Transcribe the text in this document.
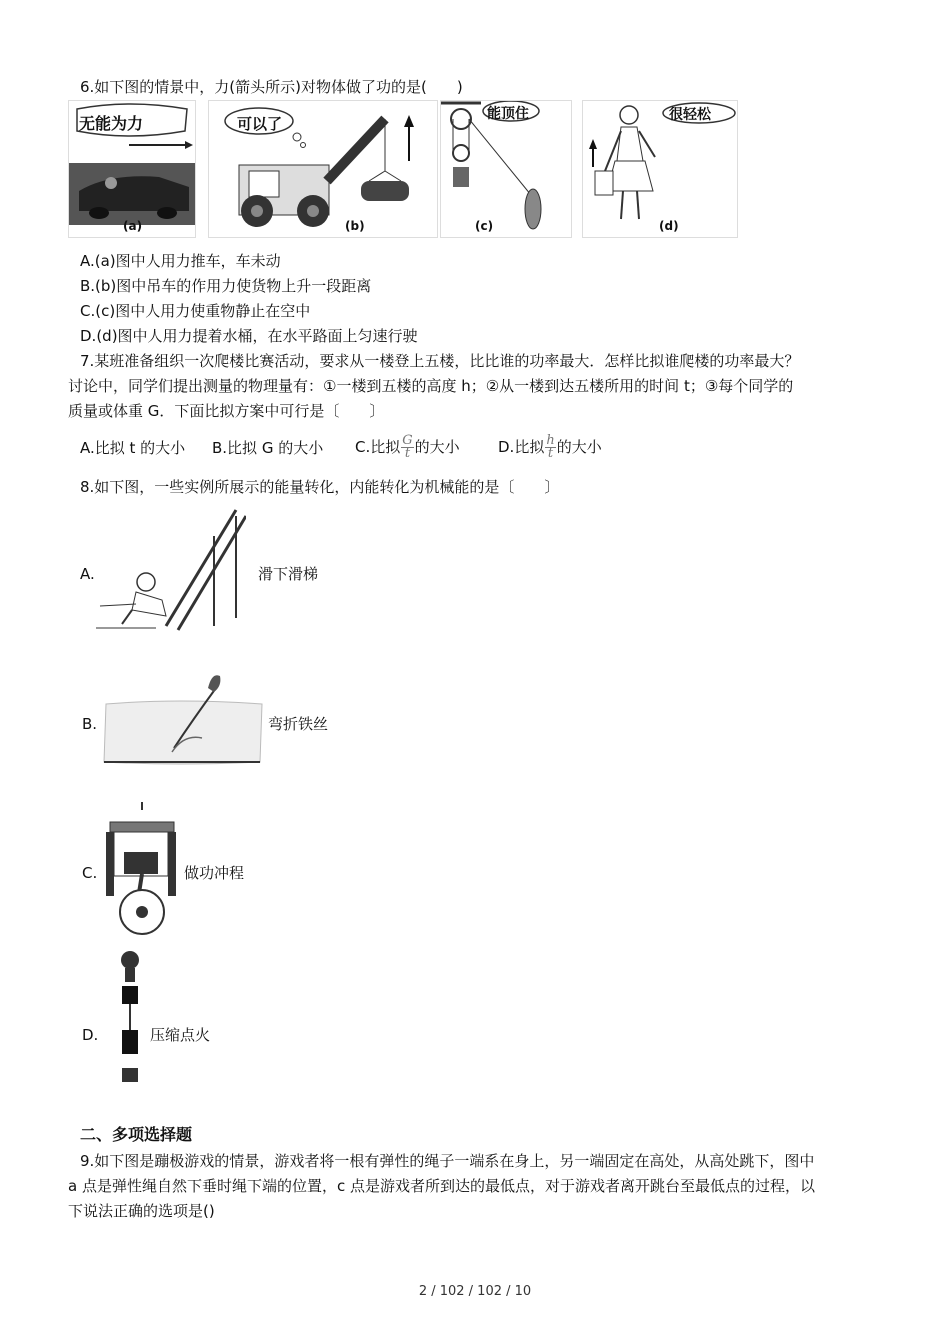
6.如下图的情景中，力(箭头所示)对物体做了功的是(　　)
无能为力
(a)
可以了
(b)
能顶住
(c)
很轻松
(d)
A.(a)图中人用力推车，车未动
B.(b)图中吊车的作用力使货物上升一段距离
C.(c)图中人用力使重物静止在空中
D.(d)图中人用力提着水桶，在水平路面上匀速行驶
7.某班准备组织一次爬楼比赛活动，要求从一楼登上五楼，比比谁的功率最大．怎样比拟谁爬楼的功率最大？
讨论中，同学们提出测量的物理量有：①一楼到五楼的高度 h；②从一楼到达五楼所用的时间 t；③每个同学的
质量或体重 G．下面比拟方案中可行是〔　　〕
A.比拟 t 的大小 B.比拟 G 的大小 C.比拟 $\frac{G}{t}$ 的大小	D.比拟 $\frac{h}{t}$ 的大小
8.如下图，一些实例所展示的能量转化，内能转化为机械能的是〔　　〕
A.	滑下滑梯
B.	弯折铁丝
C.	做功冲程
D.	压缩点火
二、多项选择题
9.如下图是蹦极游戏的情景，游戏者将一根有弹性的绳子一端系在身上，另一端固定在高处，从高处跳下，图中
a 点是弹性绳自然下垂时绳下端的位置，c 点是游戏者所到达的最低点，对于游戏者离开跳台至最低点的过程，以
下说法正确的选项是()
2 / 102 / 102 / 10
